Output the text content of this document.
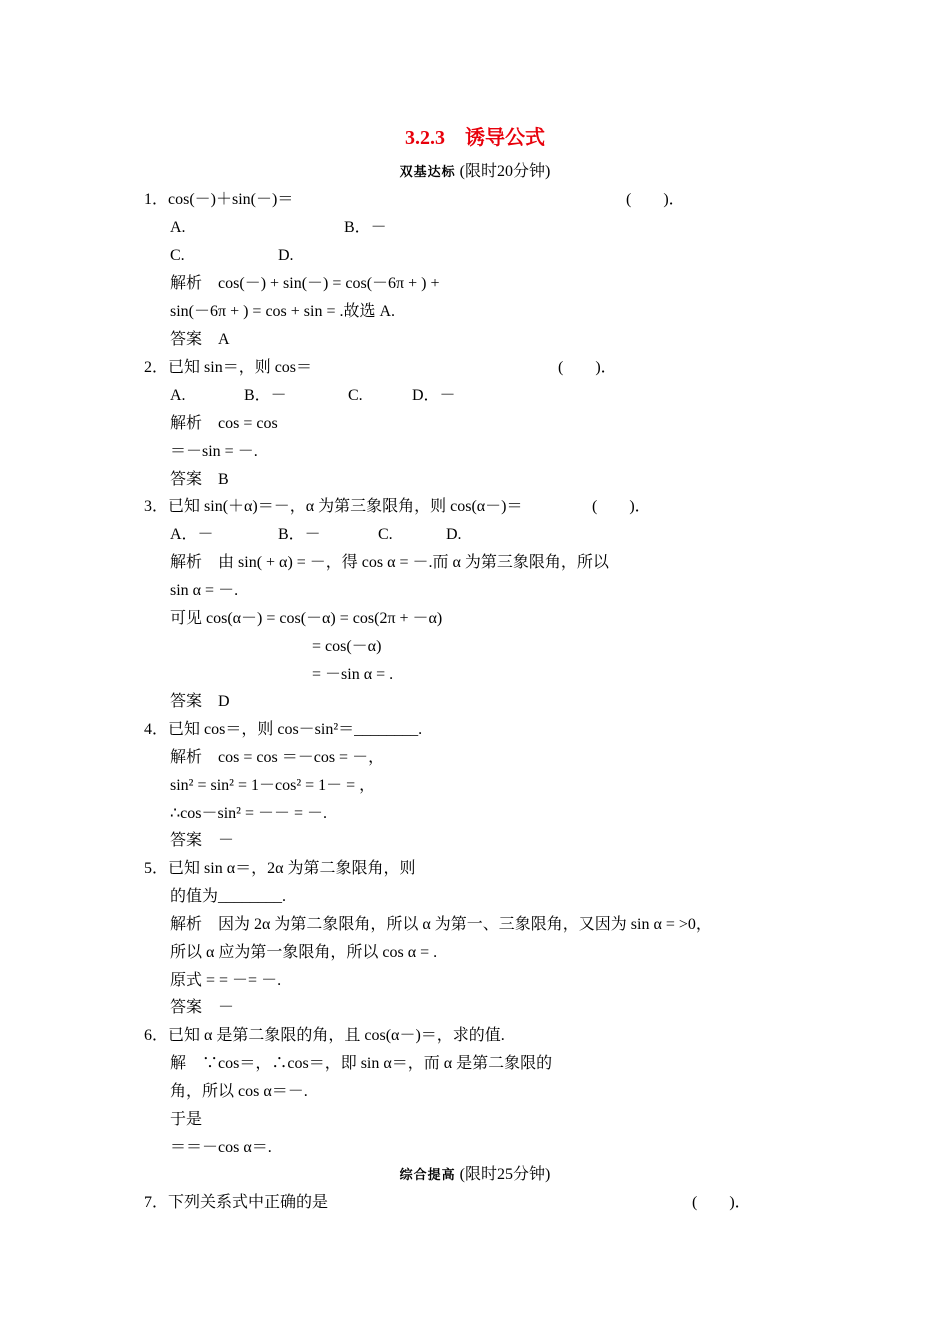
3.2.3　诱导公式
双基达标 (限时20分钟)
1．cos(－)＋sin(－)＝	(　　)．
A.	B．－
C.	D.
解析　 cos(－) + sin(－) = cos(－6π + ) +
sin(－6π + ) = cos + sin = .故选 A.
答案　 A
2．已知 sin＝，则 cos＝	(　　)．
A.	B．－	C.	D．－
解析　 cos = cos
＝－sin = －.
答案　 B
3．已知 sin(＋α)＝－，α 为第三象限角，则 cos(α－)＝	(　　)．
A．－	B．－	C.	D.
解析　 由 sin( + α) = －，得 cos α = －.而 α 为第三象限角，所以
sin α = －.
可见 cos(α－) = cos(－α) = cos(2π + －α)
= cos(－α)
= －sin α = .
答案　 D
4．已知 cos＝，则 cos－sin²＝________.
解析　 cos = cos ＝－cos = －，
sin² = sin² = 1－cos² = 1－ = ，
∴cos－sin² = －－ = －.
答案　 －
5．已知 sin α＝，2α 为第二象限角，则
的值为________.
解析　 因为 2α 为第二象限角，所以 α 为第一、三象限角，又因为 sin α = >0，
所以 α 应为第一象限角，所以 cos α = .
原式 = = －= －.
答案　 －
6．已知 α 是第二象限的角，且 cos(α－)＝，求的值.
解　 ∵cos＝，∴cos＝，即 sin α＝，而 α 是第二象限的
角，所以 cos α＝－.
于是
＝＝－cos α＝.
综合提高 (限时25分钟)
7．下列关系式中正确的是	(　　)．
